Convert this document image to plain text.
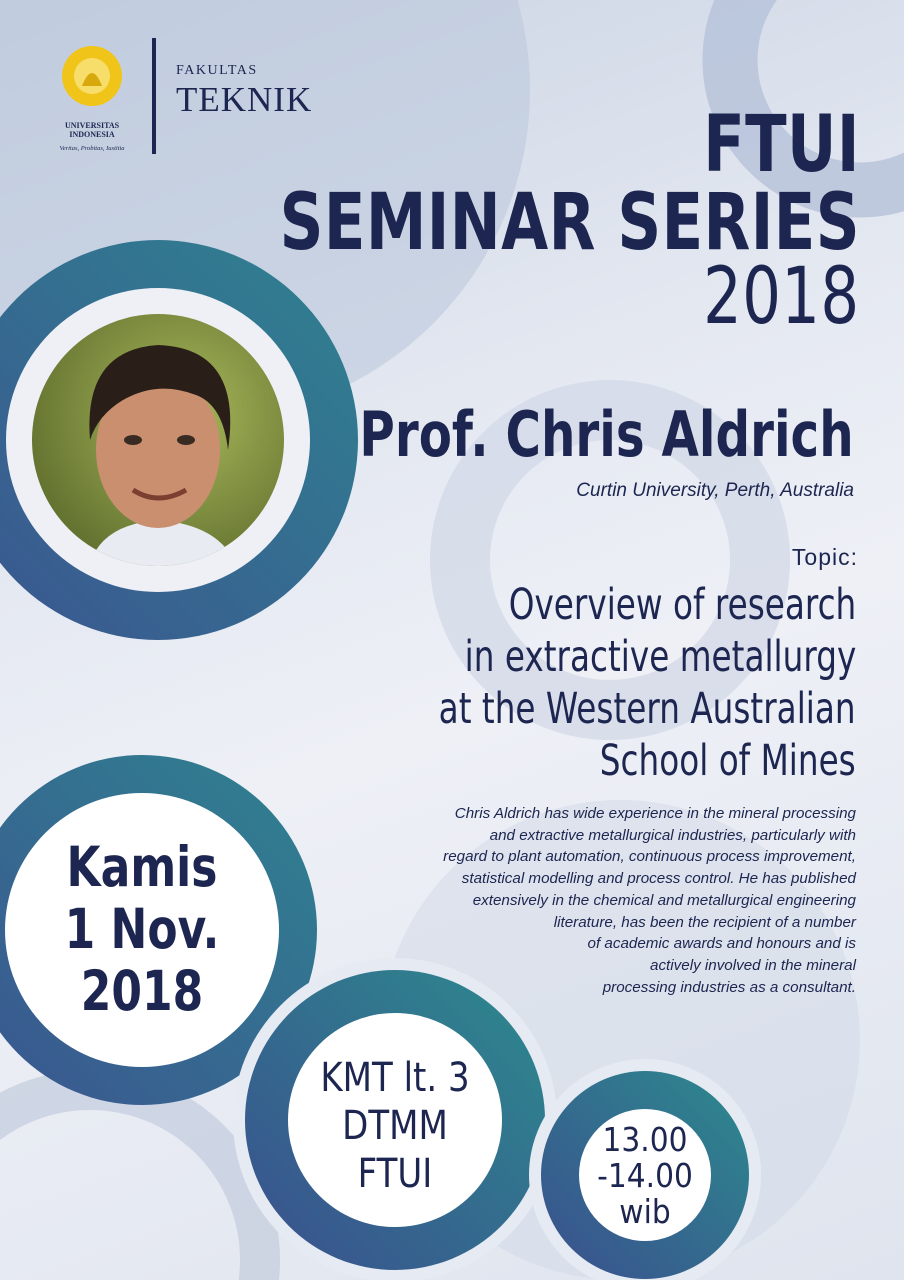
UNIVERSITAS INDONESIA
Veritas, Probitas, Iustitia
FAKULTAS
TEKNIK
FTUI
SEMINAR SERIES
2018
Prof. Chris Aldrich
Curtin University, Perth, Australia
Topic:
Overview of research
in extractive metallurgy
at the Western Australian
School of Mines
Chris Aldrich has wide experience in the mineral processing
and extractive metallurgical industries, particularly with
regard to plant automation, continuous process improvement,
statistical modelling and process control. He has published
extensively in the chemical and metallurgical engineering
literature, has been the recipient of a number
of academic awards and honours and is
actively involved in the mineral
processing industries as a consultant.
Kamis
1 Nov.
2018
KMT lt. 3
DTMM
FTUI
13.00
-14.00
wib
